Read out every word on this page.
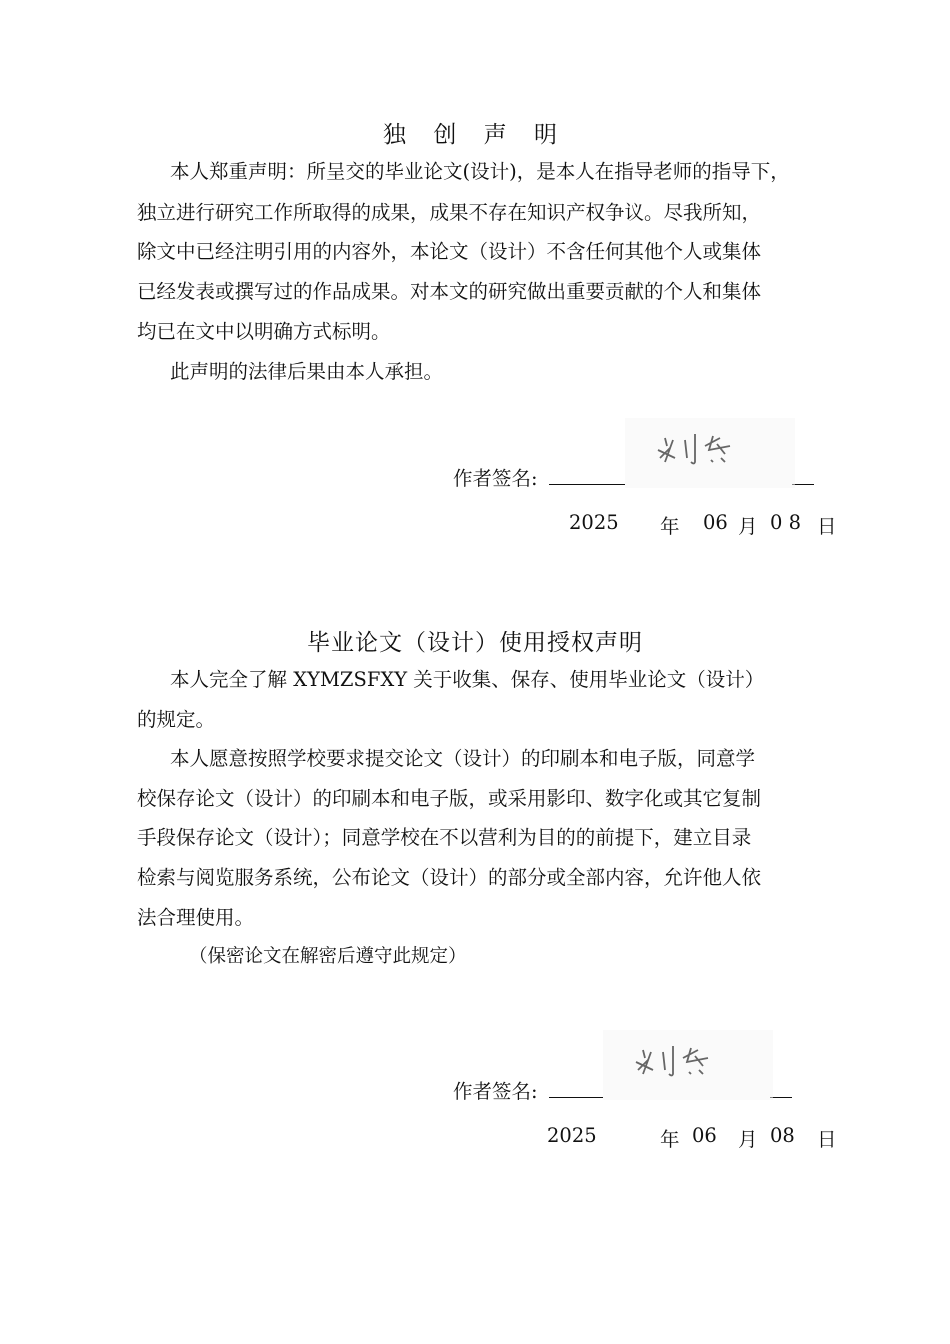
独 创 声 明
本人郑重声明：所呈交的毕业论文(设计)，是本人在指导老师的指导下，
独立进行研究工作所取得的成果，成果不存在知识产权争议。尽我所知，
除文中已经注明引用的内容外，本论文（设计）不含任何其他个人或集体
已经发表或撰写过的作品成果。对本文的研究做出重要贡献的个人和集体
均已在文中以明确方式标明。
此声明的法律后果由本人承担。
作者签名:
2025 年 06 月 0 8 日
毕业论文（设计）使用授权声明
本人完全了解 XYMZSFXY 关于收集、保存、使用毕业论文（设计）
的规定。
本人愿意按照学校要求提交论文（设计）的印刷本和电子版，同意学
校保存论文（设计）的印刷本和电子版，或采用影印、数字化或其它复制
手段保存论文（设计）；同意学校在不以营利为目的的前提下，建立目录
检索与阅览服务系统，公布论文（设计）的部分或全部内容，允许他人依
法合理使用。
（保密论文在解密后遵守此规定）
作者签名:
2025	年 06 月 08 日
